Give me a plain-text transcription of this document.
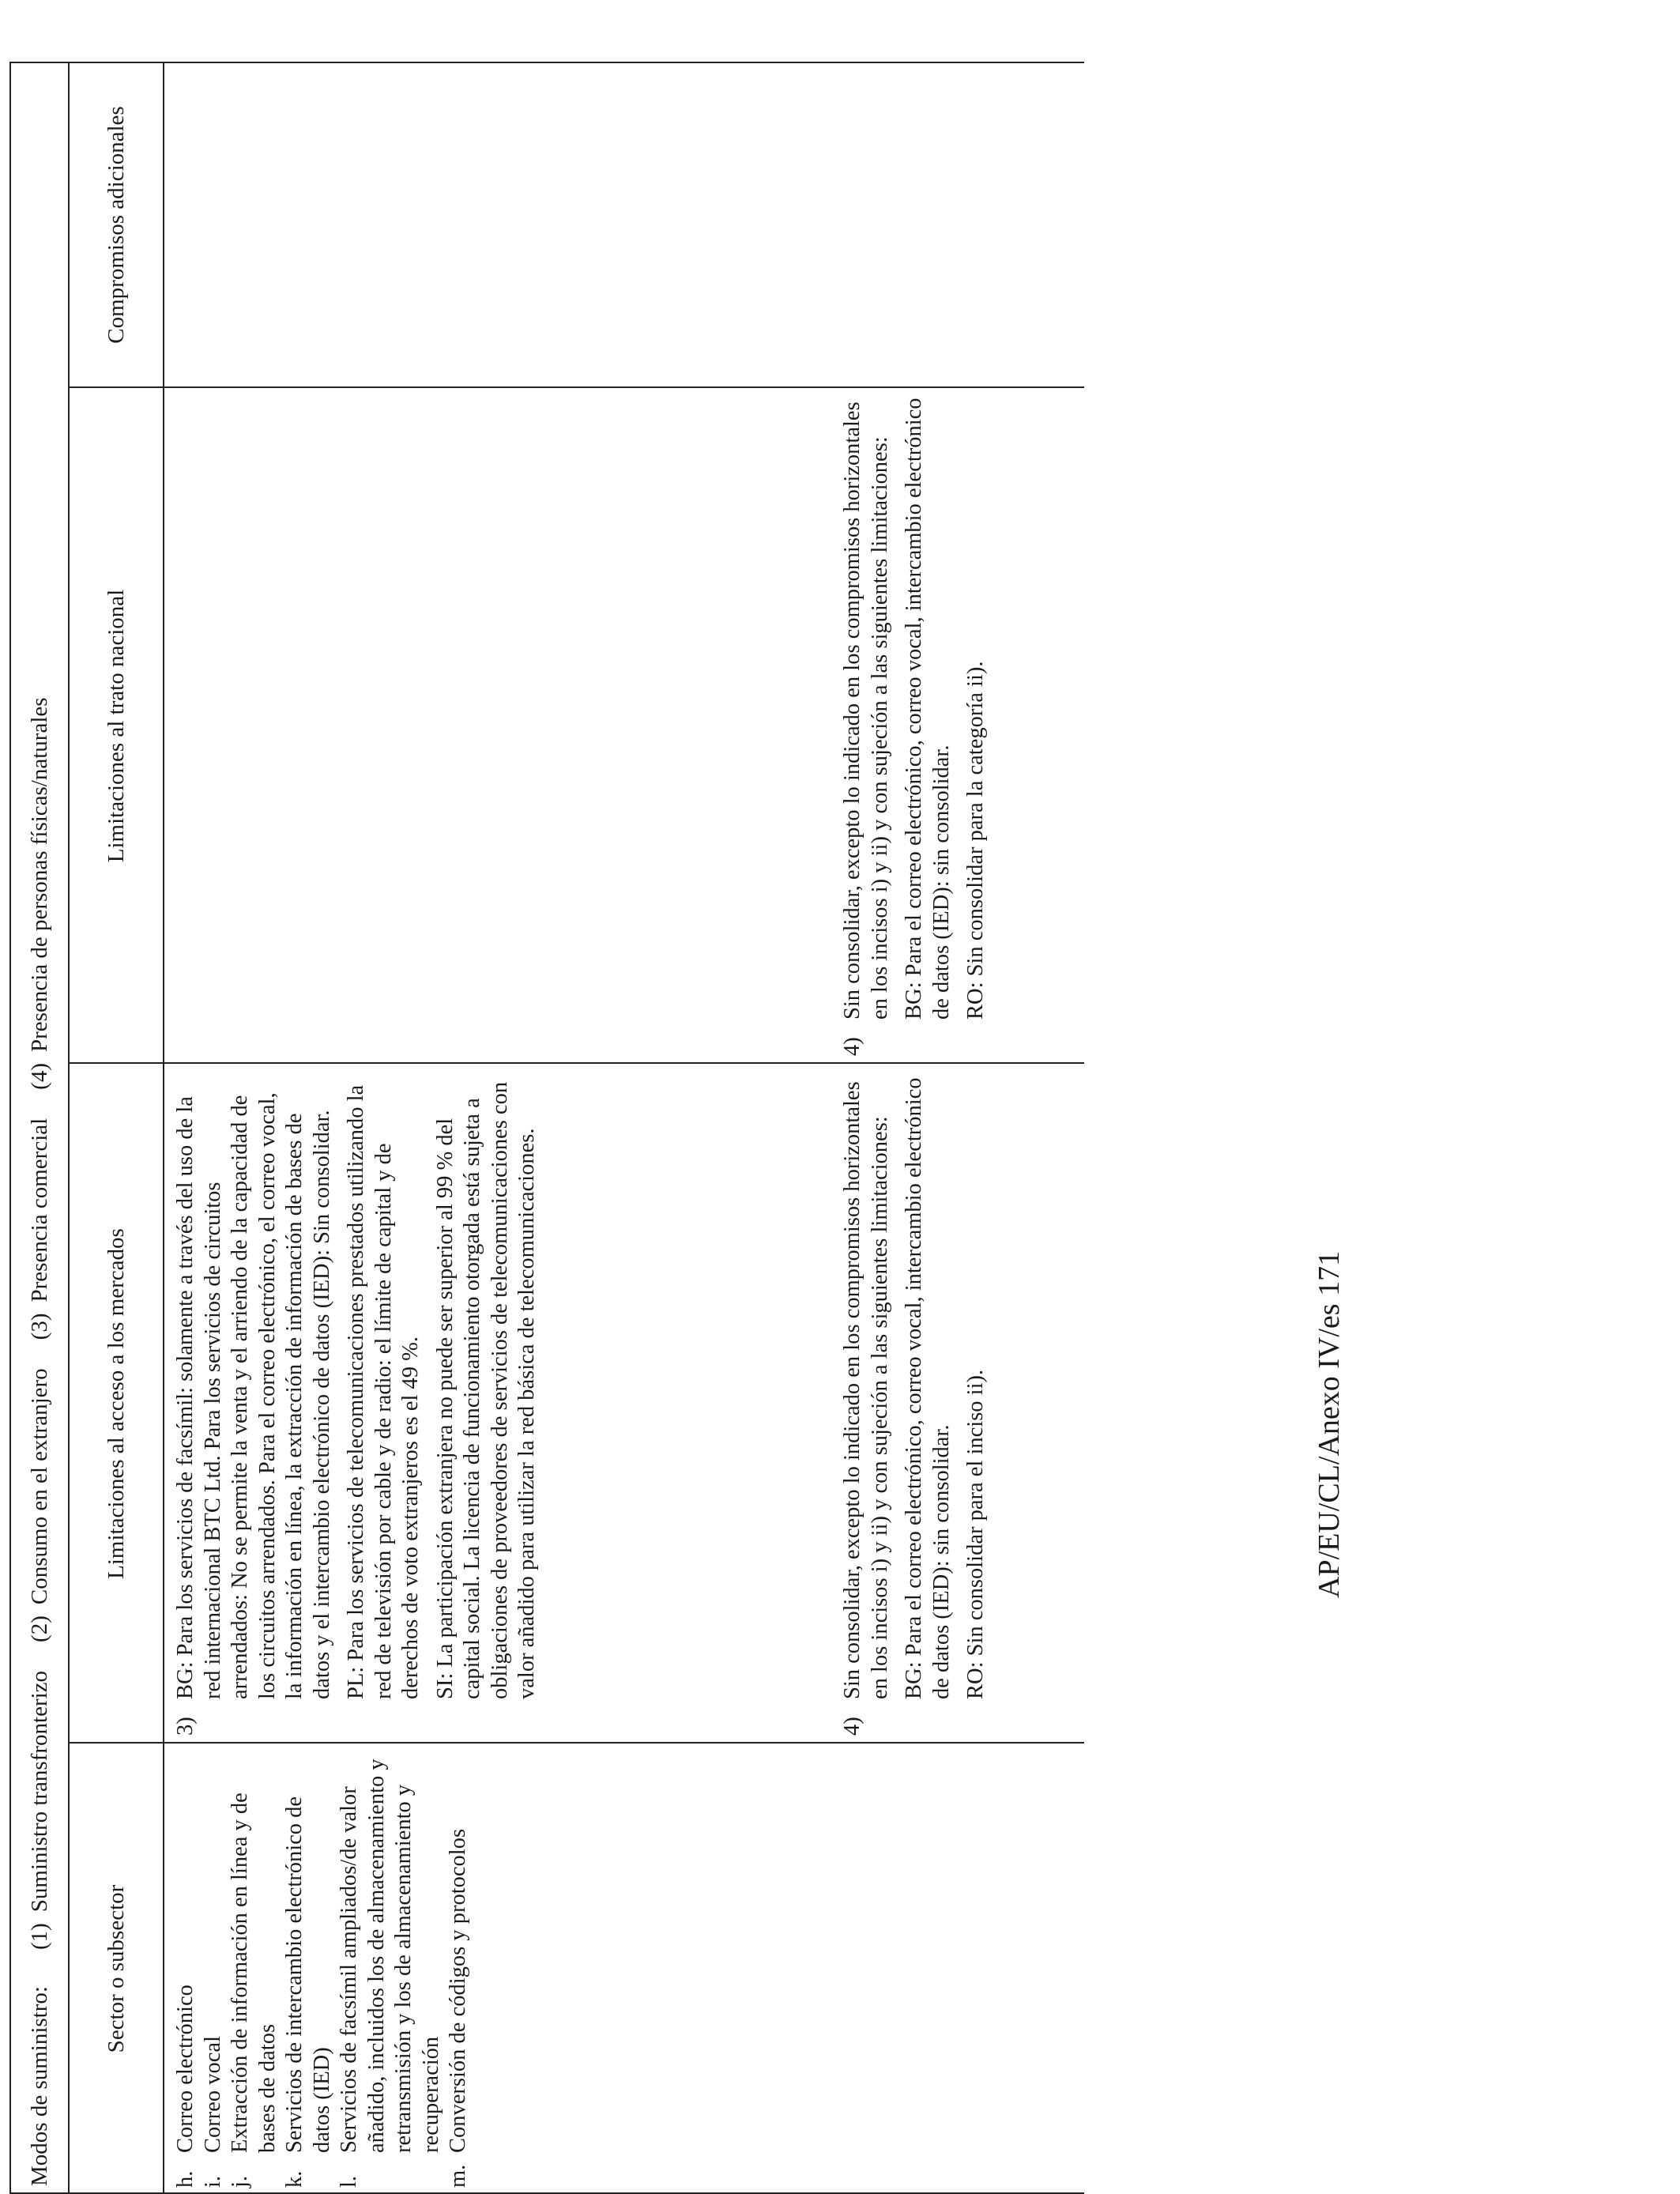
Modos de suministro:
(1)
Suministro transfronterizo
(2)
Consumo en el extranjero
(3)
Presencia comercial
(4)
Presencia de personas físicas/naturales
Sector o subsector
Limitaciones al acceso a los mercados
Limitaciones al trato nacional
Compromisos adicionales
h.
Correo electrónico
i.
Correo vocal
j.
Extracción de información en línea y de bases de datos
k.
Servicios de intercambio electrónico de datos (IED)
l.
Servicios de facsímil ampliados/de valor añadido, incluidos los de almacenamiento y retransmisión y los de almacenamiento y recuperación
m.
Conversión de códigos y protocolos
3)

BG: Para los servicios de facsímil: solamente a través del uso de la red internacional BTC Ltd. Para los servicios de circuitos arrendados: No se permite la venta y el arriendo de la capacidad de los circuitos arrendados. Para el correo electrónico, el correo vocal, la información en línea, la extracción de información de bases de datos y el intercambio electrónico de datos (IED): Sin consolidar. PL: Para los servicios de telecomunicaciones prestados utilizando la red de televisión por cable y de radio: el límite de capital y de derechos de voto extranjeros es el 49 %. SI: La participación extranjera no puede ser superior al 99 % del capital social. La licencia de funcionamiento otorgada está sujeta a obligaciones de proveedores de servicios de telecomunicaciones con valor añadido para utilizar la red básica de telecomunicaciones.

4)

Sin consolidar, excepto lo indicado en los compromisos horizontales en los incisos i) y ii) y con sujeción a las siguientes limitaciones: BG: Para el correo electrónico, correo vocal, intercambio electrónico de datos (IED): sin consolidar. RO: Sin consolidar para el inciso ii).

4)

Sin consolidar, excepto lo indicado en los compromisos horizontales en los incisos i) y ii) y con sujeción a las siguientes limitaciones: BG: Para el correo electrónico, correo vocal, intercambio electrónico de datos (IED): sin consolidar. RO: Sin consolidar para la categoría ii).

AP/EU/CL/Anexo IV/es 171
